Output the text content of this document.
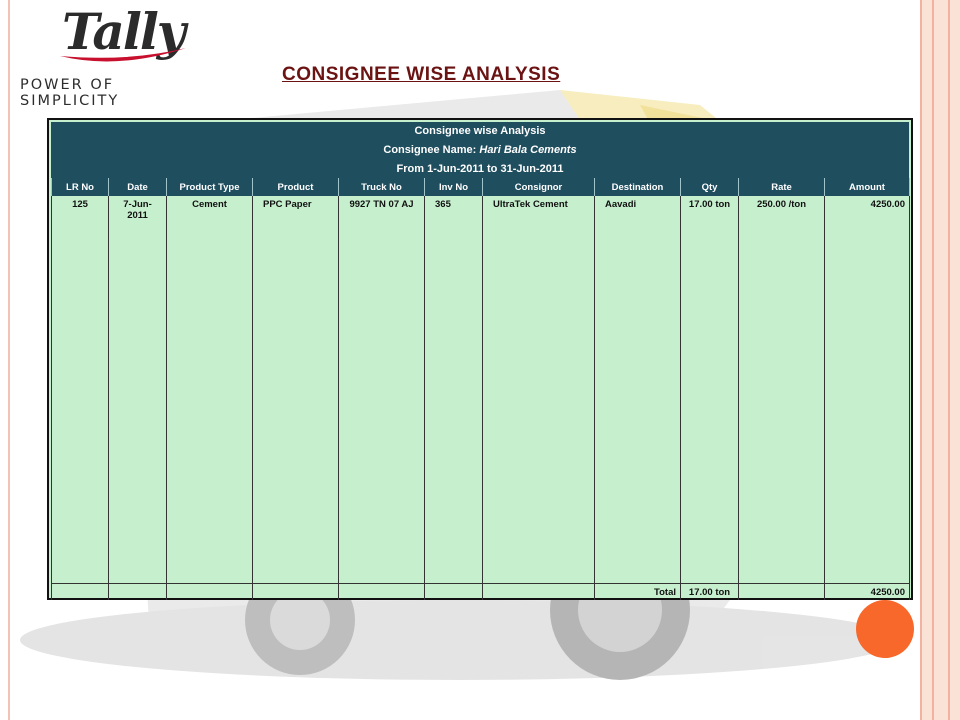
Tally
POWER OF SIMPLICITY
CONSIGNEE WISE ANALYSIS
Consignee wise Analysis
Consignee Name: Hari Bala Cements
From 1-Jun-2011 to 31-Jun-2011
LR No	Date	Product Type	Product	Truck No	Inv No	Consignor	Destination	Qty	Rate	Amount
125	7-Jun-2011	Cement	PPC Paper	9927 TN 07 AJ	365	UltraTek Cement	Aavadi	17.00 ton	250.00 /ton	4250.00
							Total	17.00 ton		4250.00
